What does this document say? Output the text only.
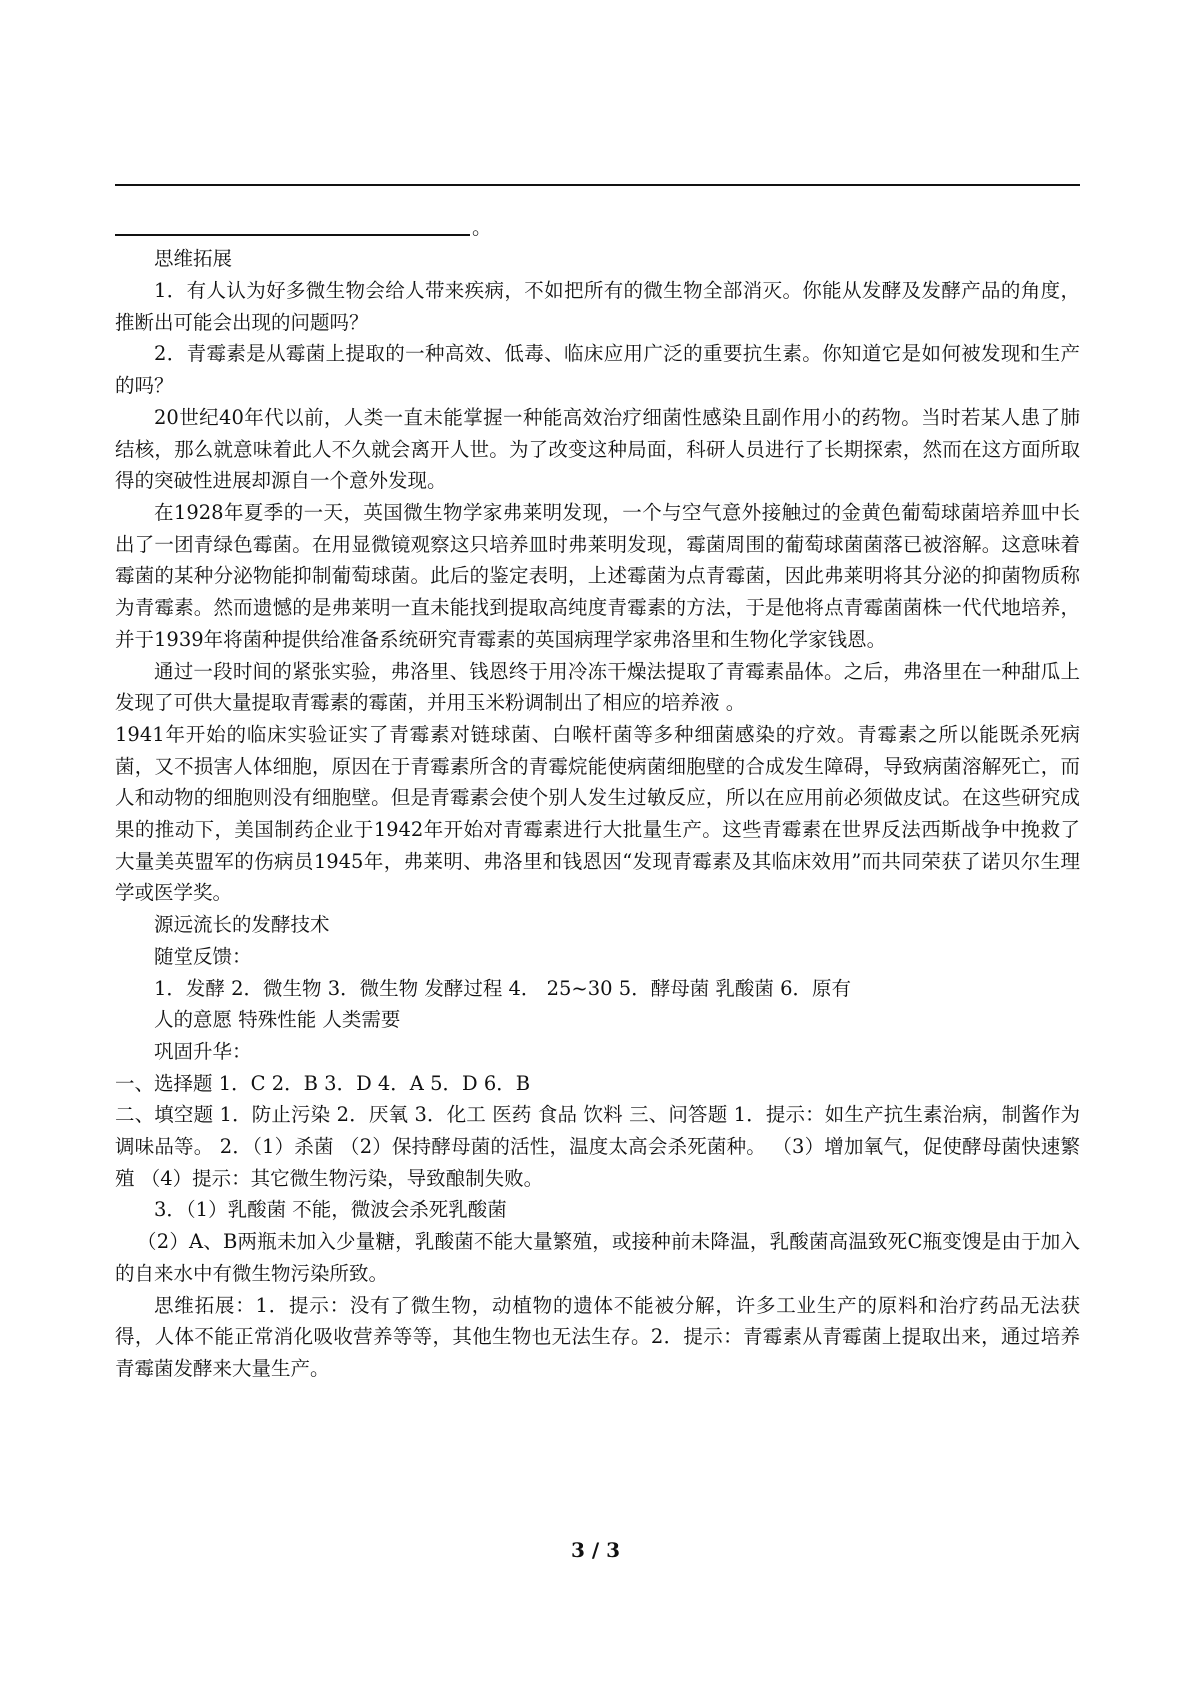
。

思维拓展

1．有人认为好多微生物会给人带来疾病，不如把所有的微生物全部消灭。你能从发酵及发酵产品的角度，推断出可能会出现的问题吗？

2．青霉素是从霉菌上提取的一种高效、低毒、临床应用广泛的重要抗生素。你知道它是如何被发现和生产的吗？

20世纪40年代以前，人类一直未能掌握一种能高效治疗细菌性感染且副作用小的药物。当时若某人患了肺结核，那么就意味着此人不久就会离开人世。为了改变这种局面，科研人员进行了长期探索，然而在这方面所取得的突破性进展却源自一个意外发现。

在1928年夏季的一天，英国微生物学家弗莱明发现，一个与空气意外接触过的金黄色葡萄球菌培养皿中长出了一团青绿色霉菌。在用显微镜观察这只培养皿时弗莱明发现，霉菌周围的葡萄球菌菌落已被溶解。这意味着霉菌的某种分泌物能抑制葡萄球菌。此后的鉴定表明，上述霉菌为点青霉菌，因此弗莱明将其分泌的抑菌物质称为青霉素。然而遗憾的是弗莱明一直未能找到提取高纯度青霉素的方法，于是他将点青霉菌菌株一代代地培养，并于1939年将菌种提供给准备系统研究青霉素的英国病理学家弗洛里和生物化学家钱恩。

通过一段时间的紧张实验，弗洛里、钱恩终于用冷冻干燥法提取了青霉素晶体。之后，弗洛里在一种甜瓜上发现了可供大量提取青霉素的霉菌，并用玉米粉调制出了相应的培养液 。

1941年开始的临床实验证实了青霉素对链球菌、白喉杆菌等多种细菌感染的疗效。青霉素之所以能既杀死病菌，又不损害人体细胞，原因在于青霉素所含的青霉烷能使病菌细胞壁的合成发生障碍，导致病菌溶解死亡，而人和动物的细胞则没有细胞壁。但是青霉素会使个别人发生过敏反应，所以在应用前必须做皮试。在这些研究成果的推动下，美国制药企业于1942年开始对青霉素进行大批量生产。这些青霉素在世界反法西斯战争中挽救了大量美英盟军的伤病员1945年，弗莱明、弗洛里和钱恩因“发现青霉素及其临床效用”而共同荣获了诺贝尔生理学或医学奖。

源远流长的发酵技术

随堂反馈：

1．发酵 2．微生物 3．微生物 发酵过程 4． 25~30 5．酵母菌 乳酸菌 6．原有

人的意愿 特殊性能 人类需要

巩固升华：

一、选择题 1．C 2．B 3．D 4．A 5．D 6．B

二、填空题 1．防止污染 2．厌氧 3．化工 医药 食品 饮料 三、问答题 1．提示：如生产抗生素治病，制酱作为调味品等。 2．（1）杀菌 （2）保持酵母菌的活性，温度太高会杀死菌种。 （3）增加氧气，促使酵母菌快速繁殖 （4）提示：其它微生物污染，导致酿制失败。

3．（1）乳酸菌 不能，微波会杀死乳酸菌

（2）A、B两瓶未加入少量糖，乳酸菌不能大量繁殖，或接种前未降温，乳酸菌高温致死C瓶变馊是由于加入的自来水中有微生物污染所致。

思维拓展：1．提示：没有了微生物，动植物的遗体不能被分解，许多工业生产的原料和治疗药品无法获得，人体不能正常消化吸收营养等等，其他生物也无法生存。2．提示：青霉素从青霉菌上提取出来，通过培养青霉菌发酵来大量生产。

3 / 3
